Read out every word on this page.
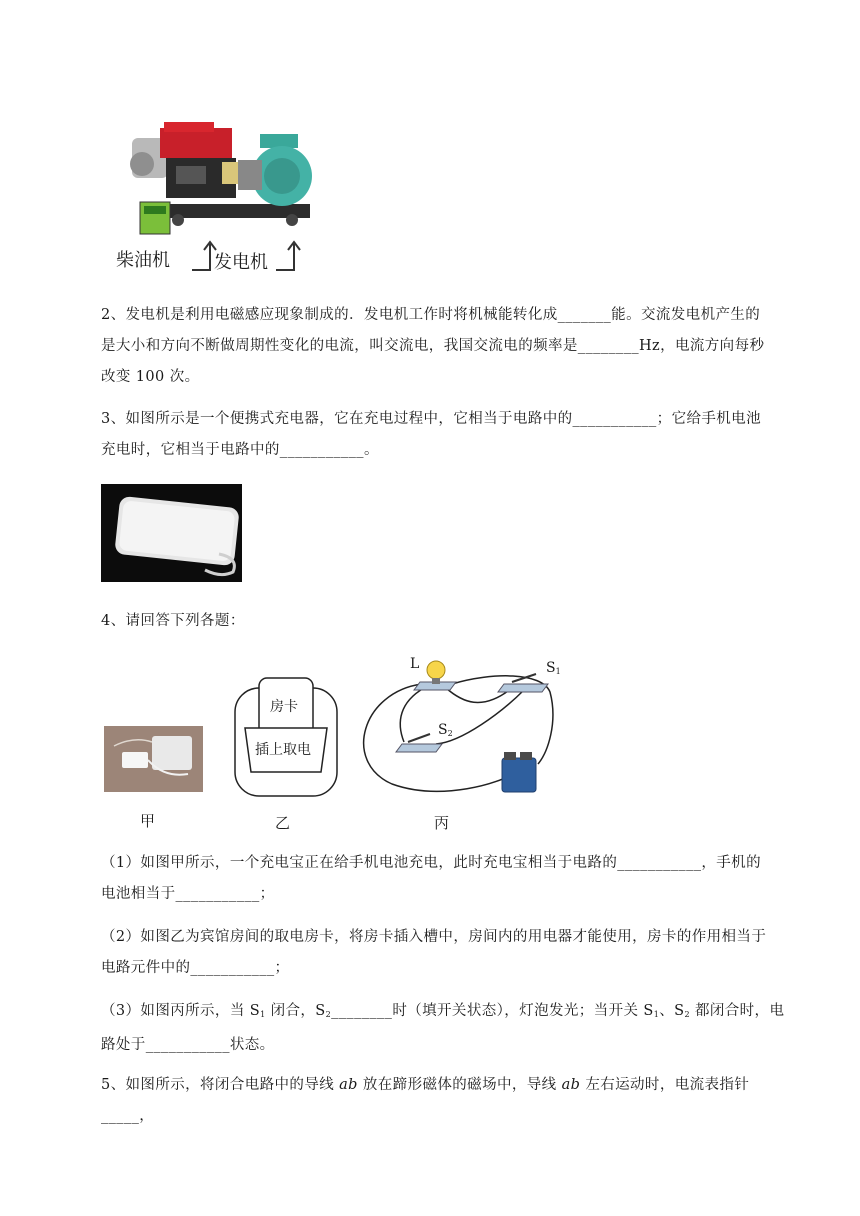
柴油机 发电机
2、发电机是利用电磁感应现象制成的．发电机工作时将机械能转化成_______能。交流发电机产生的
是大小和方向不断做周期性变化的电流，叫交流电，我国交流电的频率是________Hz，电流方向每秒
改变 100 次。
3、如图所示是一个便携式充电器，它在充电过程中，它相当于电路中的___________；它给手机电池
充电时，它相当于电路中的___________。
4、请回答下列各题：
房卡
插上取电
L	$S_1$
$S_2$
甲	乙	丙
（1）如图甲所示，一个充电宝正在给手机电池充电，此时充电宝相当于电路的___________，手机的
电池相当于___________；
（2）如图乙为宾馆房间的取电房卡，将房卡插入槽中，房间内的用电器才能使用，房卡的作用相当于
电路元件中的___________；
（3）如图丙所示，当 $S_1$ 闭合，$S_2\_\_\_\_\_\_\_\_$时（填开关状态），灯泡发光；当开关 $S_1$、$S_2$ 都闭合时，电
路处于___________状态。
5、如图所示，将闭合电路中的导线 ab 放在蹄形磁体的磁场中，导线 ab 左右运动时，电流表指针_____，
